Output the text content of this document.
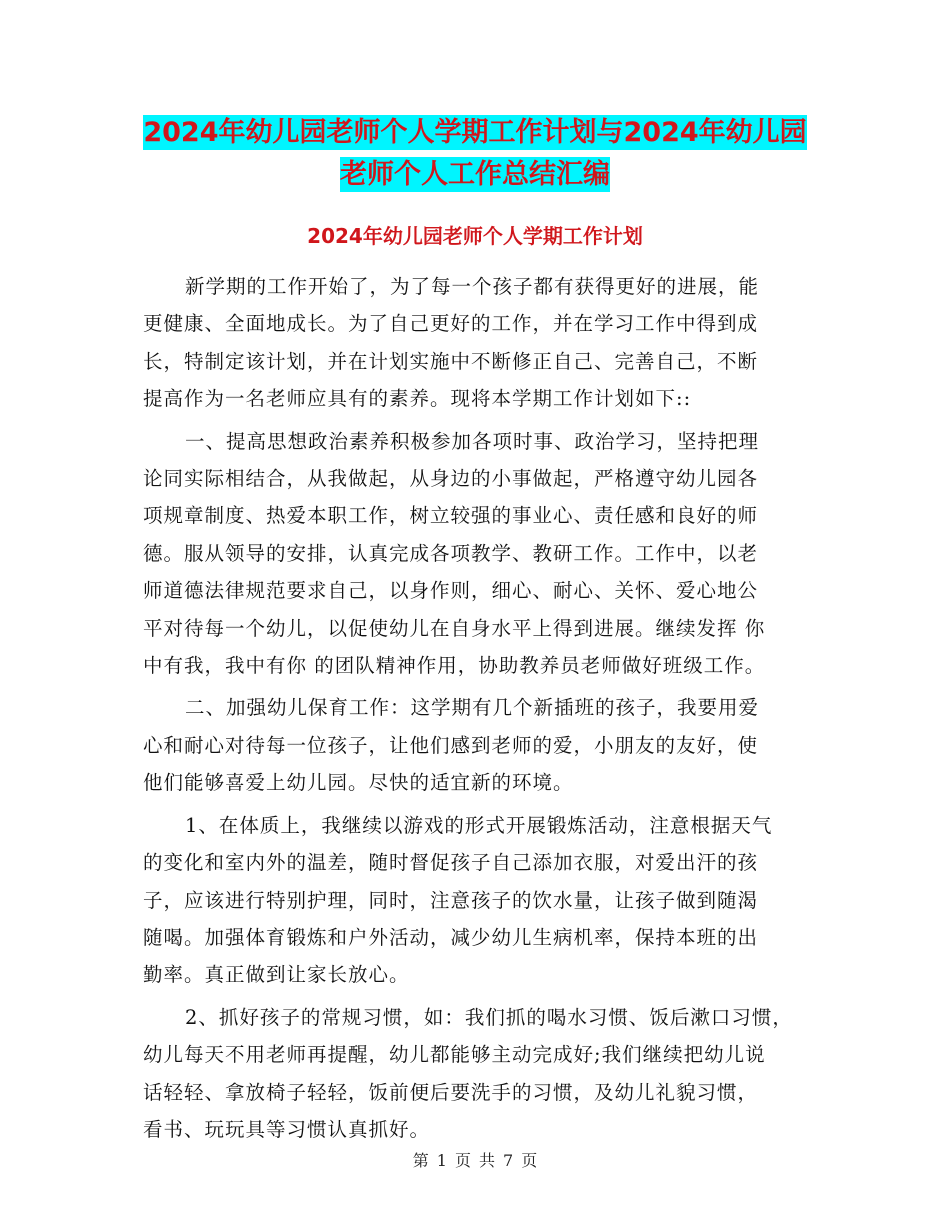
2024年幼儿园老师个人学期工作计划与2024年幼儿园
老师个人工作总结汇编
2024年幼儿园老师个人学期工作计划

新学期的工作开始了，为了每一个孩子都有获得更好的进展，能
更健康、全面地成长。为了自己更好的工作，并在学习工作中得到成
长，特制定该计划，并在计划实施中不断修正自己、完善自己，不断
提高作为一名老师应具有的素养。现将本学期工作计划如下::

一、提高思想政治素养积极参加各项时事、政治学习，坚持把理
论同实际相结合，从我做起，从身边的小事做起，严格遵守幼儿园各
项规章制度、热爱本职工作，树立较强的事业心、责任感和良好的师
德。服从领导的安排，认真完成各项教学、教研工作。工作中，以老
师道德法律规范要求自己，以身作则，细心、耐心、关怀、爱心地公
平对待每一个幼儿，以促使幼儿在自身水平上得到进展。继续发挥 你
中有我，我中有你 的团队精神作用，协助教养员老师做好班级工作。

二、加强幼儿保育工作：这学期有几个新插班的孩子，我要用爱
心和耐心对待每一位孩子，让他们感到老师的爱，小朋友的友好，使
他们能够喜爱上幼儿园。尽快的适宜新的环境。

1、在体质上，我继续以游戏的形式开展锻炼活动，注意根据天气
的变化和室内外的温差，随时督促孩子自己添加衣服，对爱出汗的孩
子，应该进行特别护理，同时，注意孩子的饮水量，让孩子做到随渴
随喝。加强体育锻炼和户外活动，减少幼儿生病机率，保持本班的出
勤率。真正做到让家长放心。

2、抓好孩子的常规习惯，如：我们抓的喝水习惯、饭后漱口习惯，
幼儿每天不用老师再提醒，幼儿都能够主动完成好;我们继续把幼儿说
话轻轻、拿放椅子轻轻，饭前便后要洗手的习惯，及幼儿礼貌习惯，
看书、玩玩具等习惯认真抓好。

第 1 页 共 7 页
